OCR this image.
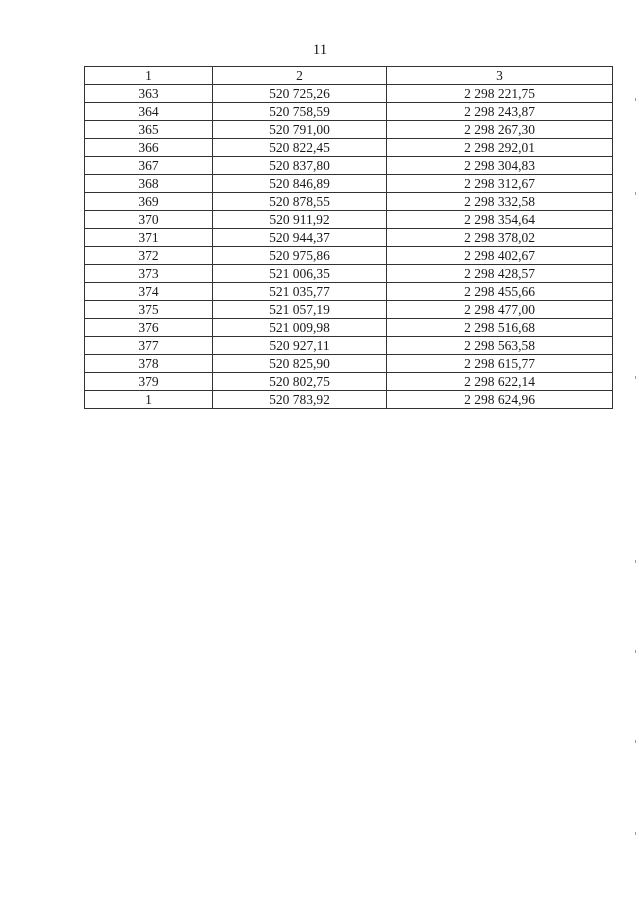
11
1	2	3
363	520 725,26	2 298 221,75
364	520 758,59	2 298 243,87
365	520 791,00	2 298 267,30
366	520 822,45	2 298 292,01
367	520 837,80	2 298 304,83
368	520 846,89	2 298 312,67
369	520 878,55	2 298 332,58
370	520 911,92	2 298 354,64
371	520 944,37	2 298 378,02
372	520 975,86	2 298 402,67
373	521 006,35	2 298 428,57
374	521 035,77	2 298 455,66
375	521 057,19	2 298 477,00
376	521 009,98	2 298 516,68
377	520 927,11	2 298 563,58
378	520 825,90	2 298 615,77
379	520 802,75	2 298 622,14
1	520 783,92	2 298 624,96
